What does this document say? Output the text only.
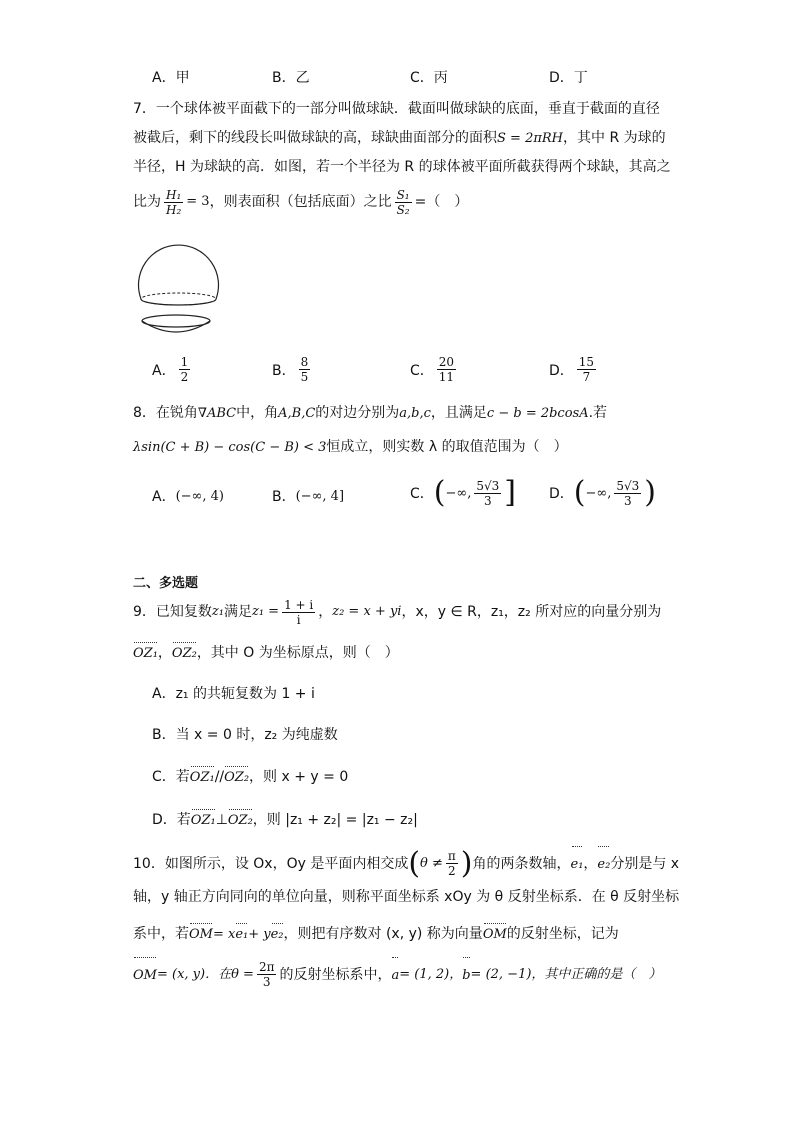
A．甲	B．乙	C．丙	D．丁
7．一个球体被平面截下的一部分叫做球缺．截面叫做球缺的底面，垂直于截面的直径
被截后，剩下的线段长叫做球缺的高，球缺曲面部分的面积S = 2πRH，其中 R 为球的
半径，H 为球缺的高．如图，若一个半径为 R 的球体被平面所截获得两个球缺，其高之
比为 $\frac{\text{H₁}}{\text{H₂}} = 3$ ，则表面积（包括底面）之比 $\frac{\text{S₁}}{\text{S₂}}$ =（　）
A． $\frac{1}{2}$	B． $\frac{8}{5}$	C． $\frac{20}{11}$	D． $\frac{15}{7}$
8．在锐角∇ABC中，角A,B,C的对边分别为a,b,c，且满足c − b = 2bcosA.若
λsin(C + B) − cos(C − B) < 3恒成立，则实数 λ 的取值范围为（　）
A． (−∞, 4)	B． (−∞, 4]	C． ( −∞, $\frac{5√3}{3}$ ] D． ( −∞, $\frac{5√3}{3}$ )
二、多选题
9．已知复数 z₁ 满足 $z_1 = \frac{1 + i}{i}$ ， z₂ = x + yi ，x，y ∈ R，z₁，z₂ 所对应的向量分别为
OZ₁，OZ₂，其中 O 为坐标原点，则（　）
A．z₁ 的共轭复数为 1 + i
B．当 x = 0 时，z₂ 为纯虚数
C．若OZ₁//OZ₂，则 x + y = 0
D．若OZ₁⊥OZ₂，则 |z₁ + z₂| = |z₁ − z₂|
10．如图所示，设 Ox，Oy 是平面内相交成 ( $\theta \ne \frac{\pi}{2}$ ) 角的两条数轴， e₁ ， e₂ 分别是与 x
轴，y 轴正方向同向的单位向量，则称平面坐标系 xOy 为 θ 反射坐标系．在 θ 反射坐标
系中，若OM= xe₁+ ye₂，则把有序数对 (x, y) 称为向量OM的反射坐标，记为
OM = (x, y)．在 $\theta = \frac{2\pi}{3}$ 的反射坐标系中， a = (1, 2)， b = (2, −1)，其中正确的是（　）
